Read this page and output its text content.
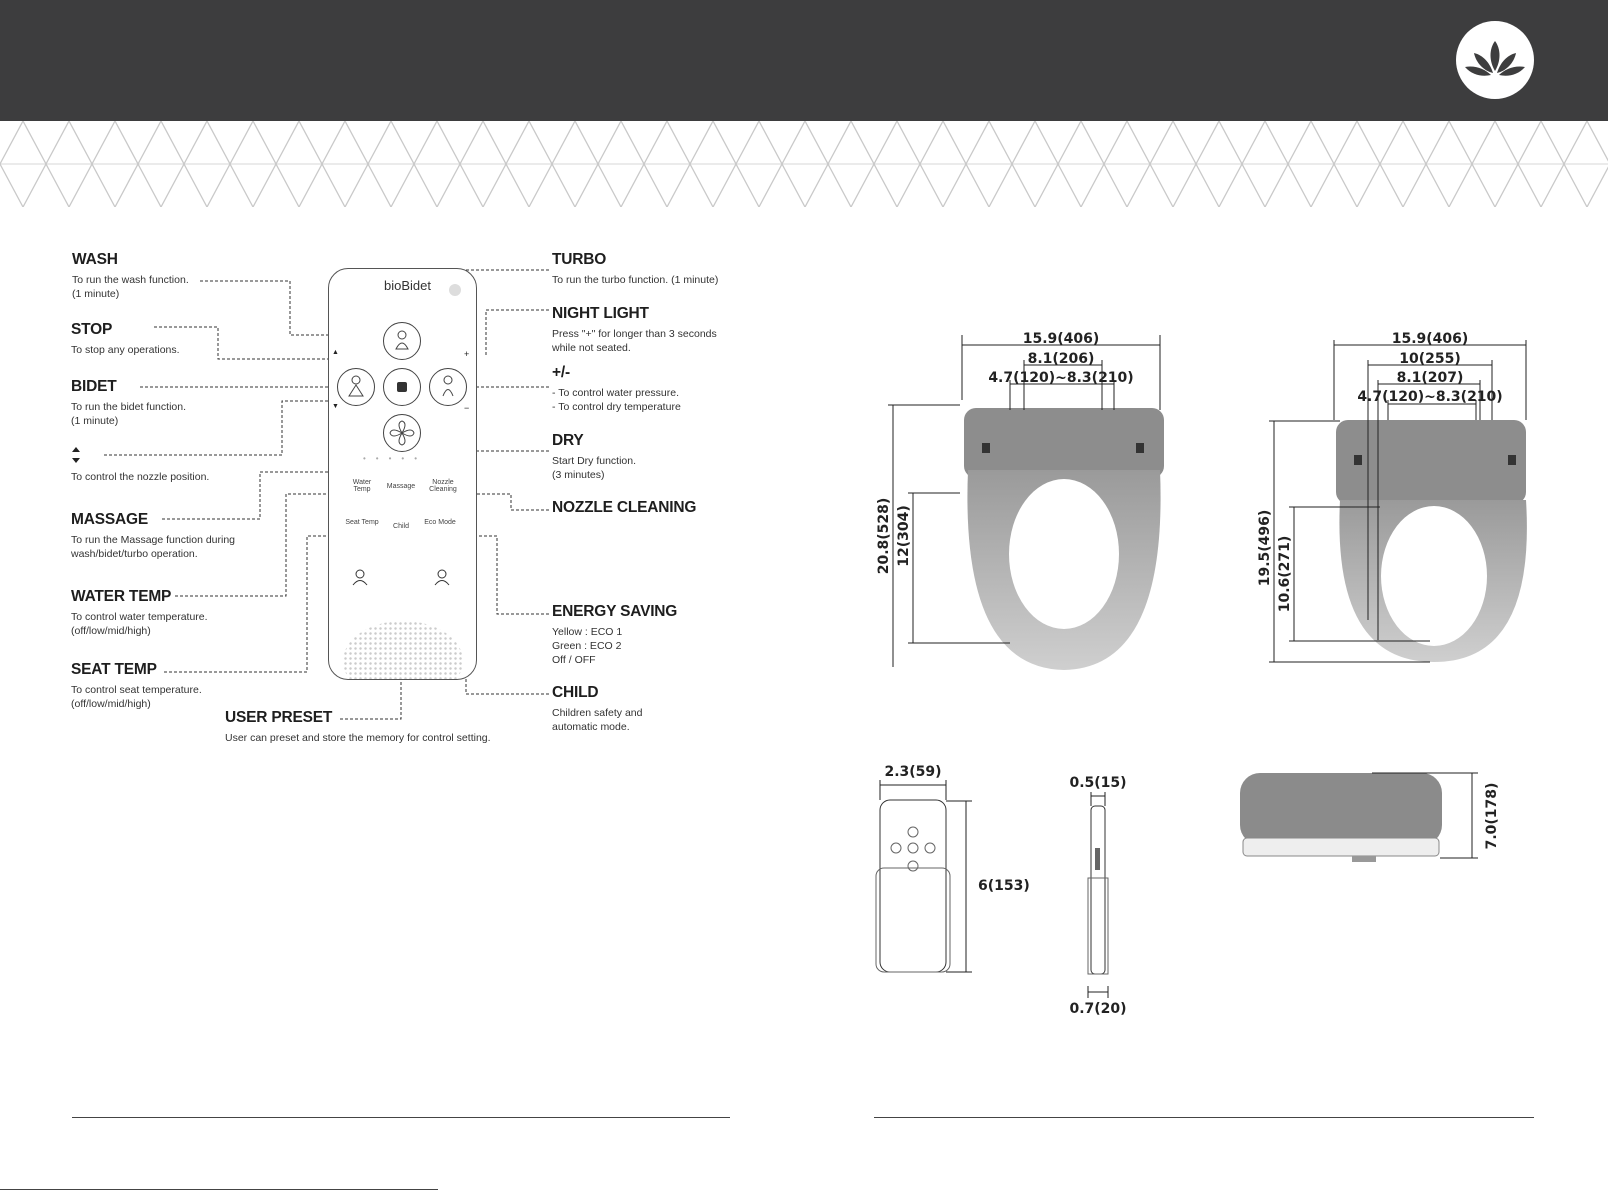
WASH

To run the wash function.
(1 minute)

STOP

To stop any operations.

BIDET

To run the bidet function.
(1 minute)

To control the nozzle position.

MASSAGE

To run the Massage function during
wash/bidet/turbo operation.

WATER TEMP

To control water temperature.
(off/low/mid/high)

SEAT TEMP

To control seat temperature.
(off/low/mid/high)

USER PRESET

User can preset and store the memory for control setting.

TURBO

To run the turbo function. (1 minute)

NIGHT LIGHT

Press "+" for longer than 3 seconds
while not seated.

+/-

- To control water pressure.
- To control dry temperature

DRY

Start Dry function.
(3 minutes)

NOZZLE CLEANING
ENERGY SAVING

Yellow : ECO 1
Green : ECO 2
Off / OFF

CHILD

Children safety and
automatic mode.

bioBidet
+
−
▲
▼
•••••
Water Temp	Massage
Nozzle Cleaning
Seat Temp
Child
Eco Mode
15.9(406)
8.1(206)
4.7(120)~8.3(210)
20.8(528) 12(304)
15.9(406)
10(255)
8.1(207)
4.7(120)~8.3(210)
19.5(496) 10.6(271)
2.3(59)
6(153)
0.5(15)
0.7(20)
7.0(178)
